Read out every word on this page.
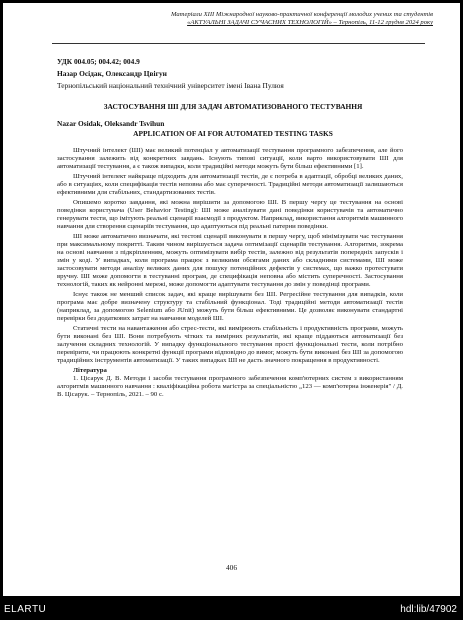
Матеріали XIII Міжнародної науково-практичної конференції молодих учених та студентів
«АКТУАЛЬНІ ЗАДАЧІ СУЧАСНИХ ТЕХНОЛОГІЙ» – Тернопіль, 11-12 грудня 2024 року
УДК 004.05; 004.42; 004.9
Назар Осідак, Олександр Цвігун
Тернопільський національний технічний університет імені Івана Пулюя
ЗАСТОСУВАННЯ ШІ ДЛЯ ЗАДАЧ АВТОМАТИЗОВАНОГО ТЕСТУВАННЯ
Nazar Osidak, Oleksandr Tsvihun
APPLICATION OF AI FOR AUTOMATED TESTING TASKS

Штучний інтелект (ШІ) має великий потенціал у автоматизації тестування програмного забезпечення, але його застосування залежить від конкретних завдань. Існують типові ситуації, коли варто використовувати ШІ для автоматизації тестування, а є також випадки, коли традиційні методи можуть бути більш ефективними [1].

Штучний інтелект найкраще підходить для автоматизації тестів, де є потреба в адаптації, обробці великих даних, або в ситуаціях, коли специфікація тестів неповна або має суперечності. Традиційні методи автоматизації залишаються ефективними для стабільних, стандартизованих тестів.

Опишемо коротко завдання, які можна вирішити за допомогою ШІ. В першу чергу це тестування на основі поведінки користувача (User Behavior Testing): ШІ може аналізувати дані поведінки користувачів та автоматично генерувати тести, що імітують реальні сценарії взаємодії з продуктом. Наприклад, використання алгоритмів машинного навчання для створення сценаріїв тестування, що адаптуються під реальні патерни поведінки.

ШІ може автоматично визначати, які тестові сценарії виконувати в першу чергу, щоб мінімізувати час тестування при максимальному покритті. Таким чином вирішується задача оптимізації сценаріїв тестування. Алгоритми, зокрема на основі навчання з підкріпленням, можуть оптимізувати вибір тестів, залежно від результатів попередніх запусків і змін у коді. У випадках, коли програма працює з великими обсягами даних або складними системами, ШІ може застосовувати методи аналізу великих даних для пошуку потенційних дефектів у системах, що важко протестувати вручну. ШІ може допомогти в тестуванні програм, де специфікація неповна або містить суперечності. Застосування технологій, таких як нейронні мережі, може допомогти адаптувати тестування до змін у поведінці програми.

Існує також не менший список задач, які краще вирішувати без ШІ. Регресійне тестування для випадків, коли програма має добре визначену структуру та стабільний функціонал. Тоді традиційні методи автоматизації тестів (наприклад, за допомогою Selenium або JUnit) можуть бути більш ефективними. Це дозволяє виконувати стандартні перевірки без додаткових затрат на навчання моделей ШІ.

Статичні тести на навантаження або стрес-тести, які вимірюють стабільність і продуктивність програми, можуть бути виконані без ШІ. Вони потребують чітких та вимірних результатів, які краще піддаються автоматизації без залучення складних технологій. У випадку функціонального тестування прості функціональні тести, коли потрібно перевірити, чи працюють конкретні функції програми відповідно до вимог, можуть бути виконані без ШІ за допомогою традиційних інструментів автоматизації. У таких випадках ШІ не дасть значного покращення в продуктивності.

Література

1. Цісарук Д. В. Методи і засоби тестування програмного забезпечення комп'ютерних систем з використанням алгоритмів машинного навчання : кваліфікаційна робота магістра за спеціальністю „123 — комп'ютерна інженерія" / Д. В. Цісарук. – Тернопіль, 2021. – 90 с.

406
ELARTU	hdl:lib/47902
